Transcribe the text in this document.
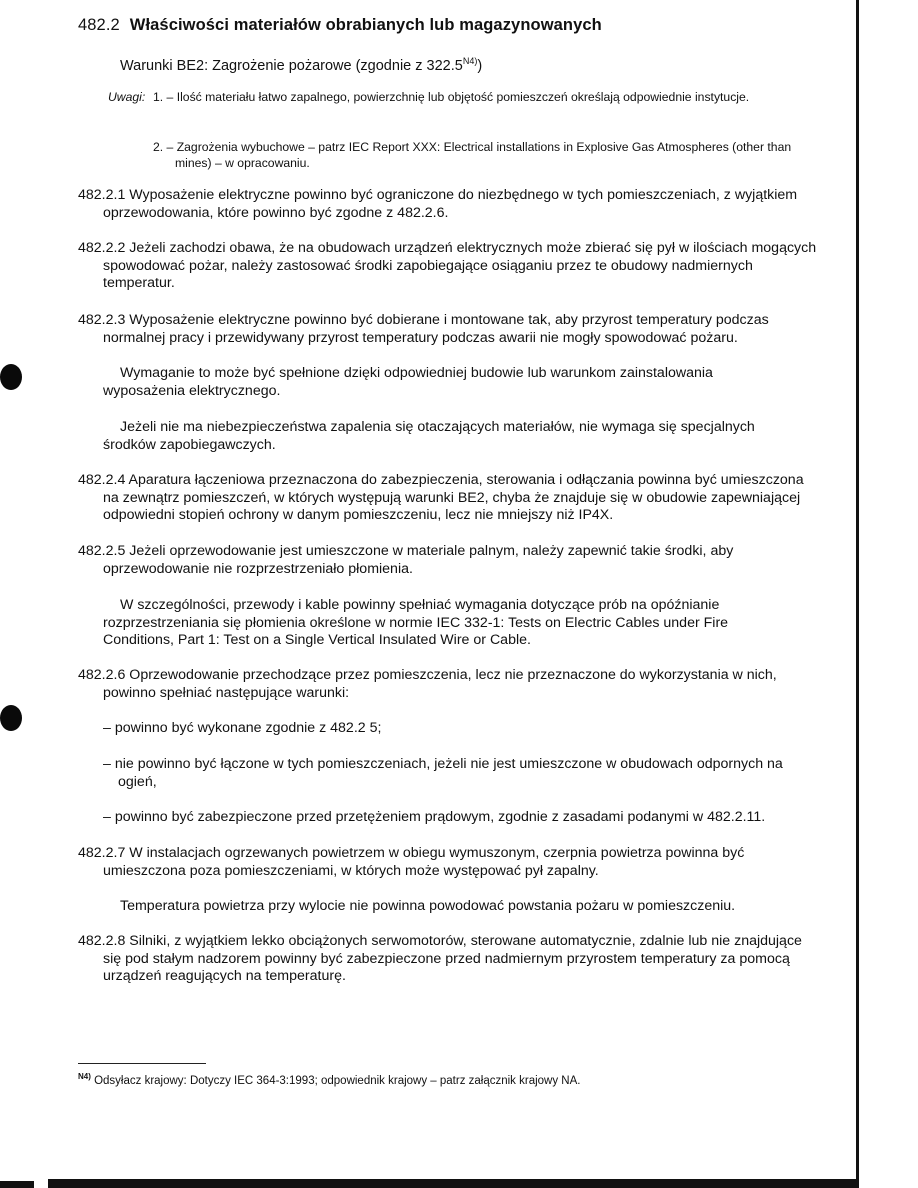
482.2 Właściwości materiałów obrabianych lub magazynowanych

Warunki BE2: Zagrożenie pożarowe (zgodnie z $322.5^{N4)}$)

Uwagi: 1. – Ilość materiału łatwo zapalnego, powierzchnię lub objętość pomieszczeń określają odpowiednie instytucje.

2. – Zagrożenia wybuchowe – patrz IEC Report XXX: Electrical installations in Explosive Gas Atmospheres (other than mines) – w opracowaniu.

482.2.1 Wyposażenie elektryczne powinno być ograniczone do niezbędnego w tych pomieszczeniach, z wyjątkiem oprzewodowania, które powinno być zgodne z 482.2.6.

482.2.2 Jeżeli zachodzi obawa, że na obudowach urządzeń elektrycznych może zbierać się pył w ilościach mogących spowodować pożar, należy zastosować środki zapobiegające osiąganiu przez te obudowy nadmiernych temperatur.

482.2.3 Wyposażenie elektryczne powinno być dobierane i montowane tak, aby przyrost temperatury podczas normalnej pracy i przewidywany przyrost temperatury podczas awarii nie mogły spowodować pożaru.

Wymaganie to może być spełnione dzięki odpowiedniej budowie lub warunkom zainstalowania wyposażenia elektrycznego.

Jeżeli nie ma niebezpieczeństwa zapalenia się otaczających materiałów, nie wymaga się specjalnych środków zapobiegawczych.

482.2.4 Aparatura łączeniowa przeznaczona do zabezpieczenia, sterowania i odłączania powinna być umieszczona na zewnątrz pomieszczeń, w których występują warunki BE2, chyba że znajduje się w obudowie zapewniającej odpowiedni stopień ochrony w danym pomieszczeniu, lecz nie mniejszy niż IP4X.

482.2.5 Jeżeli oprzewodowanie jest umieszczone w materiale palnym, należy zapewnić takie środki, aby oprzewodowanie nie rozprzestrzeniało płomienia.

W szczególności, przewody i kable powinny spełniać wymagania dotyczące prób na opóźnianie rozprzestrzeniania się płomienia określone w normie IEC 332-1: Tests on Electric Cables under Fire Conditions, Part 1: Test on a Single Vertical Insulated Wire or Cable.

482.2.6 Oprzewodowanie przechodzące przez pomieszczenia, lecz nie przeznaczone do wykorzystania w nich, powinno spełniać następujące warunki:

– powinno być wykonane zgodnie z 482.2 5;

– nie powinno być łączone w tych pomieszczeniach, jeżeli nie jest umieszczone w obudowach odpornych na ogień,

– powinno być zabezpieczone przed przetężeniem prądowym, zgodnie z zasadami podanymi w 482.2.11.

482.2.7 W instalacjach ogrzewanych powietrzem w obiegu wymuszonym, czerpnia powietrza powinna być umieszczona poza pomieszczeniami, w których może występować pył zapalny.

Temperatura powietrza przy wylocie nie powinna powodować powstania pożaru w pomieszczeniu.

482.2.8 Silniki, z wyjątkiem lekko obciążonych serwomotorów, sterowane automatycznie, zdalnie lub nie znajdujące się pod stałym nadzorem powinny być zabezpieczone przed nadmiernym przyrostem temperatury za pomocą urządzeń reagujących na temperaturę.

$^{N4)}$ Odsyłacz krajowy: Dotyczy IEC 364-3:1993; odpowiednik krajowy – patrz załącznik krajowy NA.
